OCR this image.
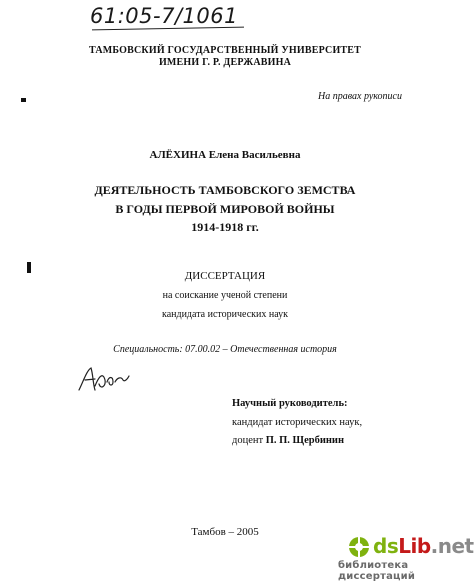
61:05-7/1061
ТАМБОВСКИЙ ГОСУДАРСТВЕННЫЙ УНИВЕРСИТЕТ
ИМЕНИ Г. Р. ДЕРЖАВИНА
На правах рукописи
АЛЁХИНА Елена Васильевна
ДЕЯТЕЛЬНОСТЬ ТАМБОВСКОГО ЗЕМСТВА
В ГОДЫ ПЕРВОЙ МИРОВОЙ ВОЙНЫ
1914-1918 гг.
ДИССЕРТАЦИЯ
на соискание ученой степени
кандидата исторических наук
Специальность: 07.00.02 – Отечественная история
Научный руководитель:
кандидат исторических наук,
доцент П. П. Щербинин
Тамбов – 2005
dsLib.net
библиотека диссертаций
